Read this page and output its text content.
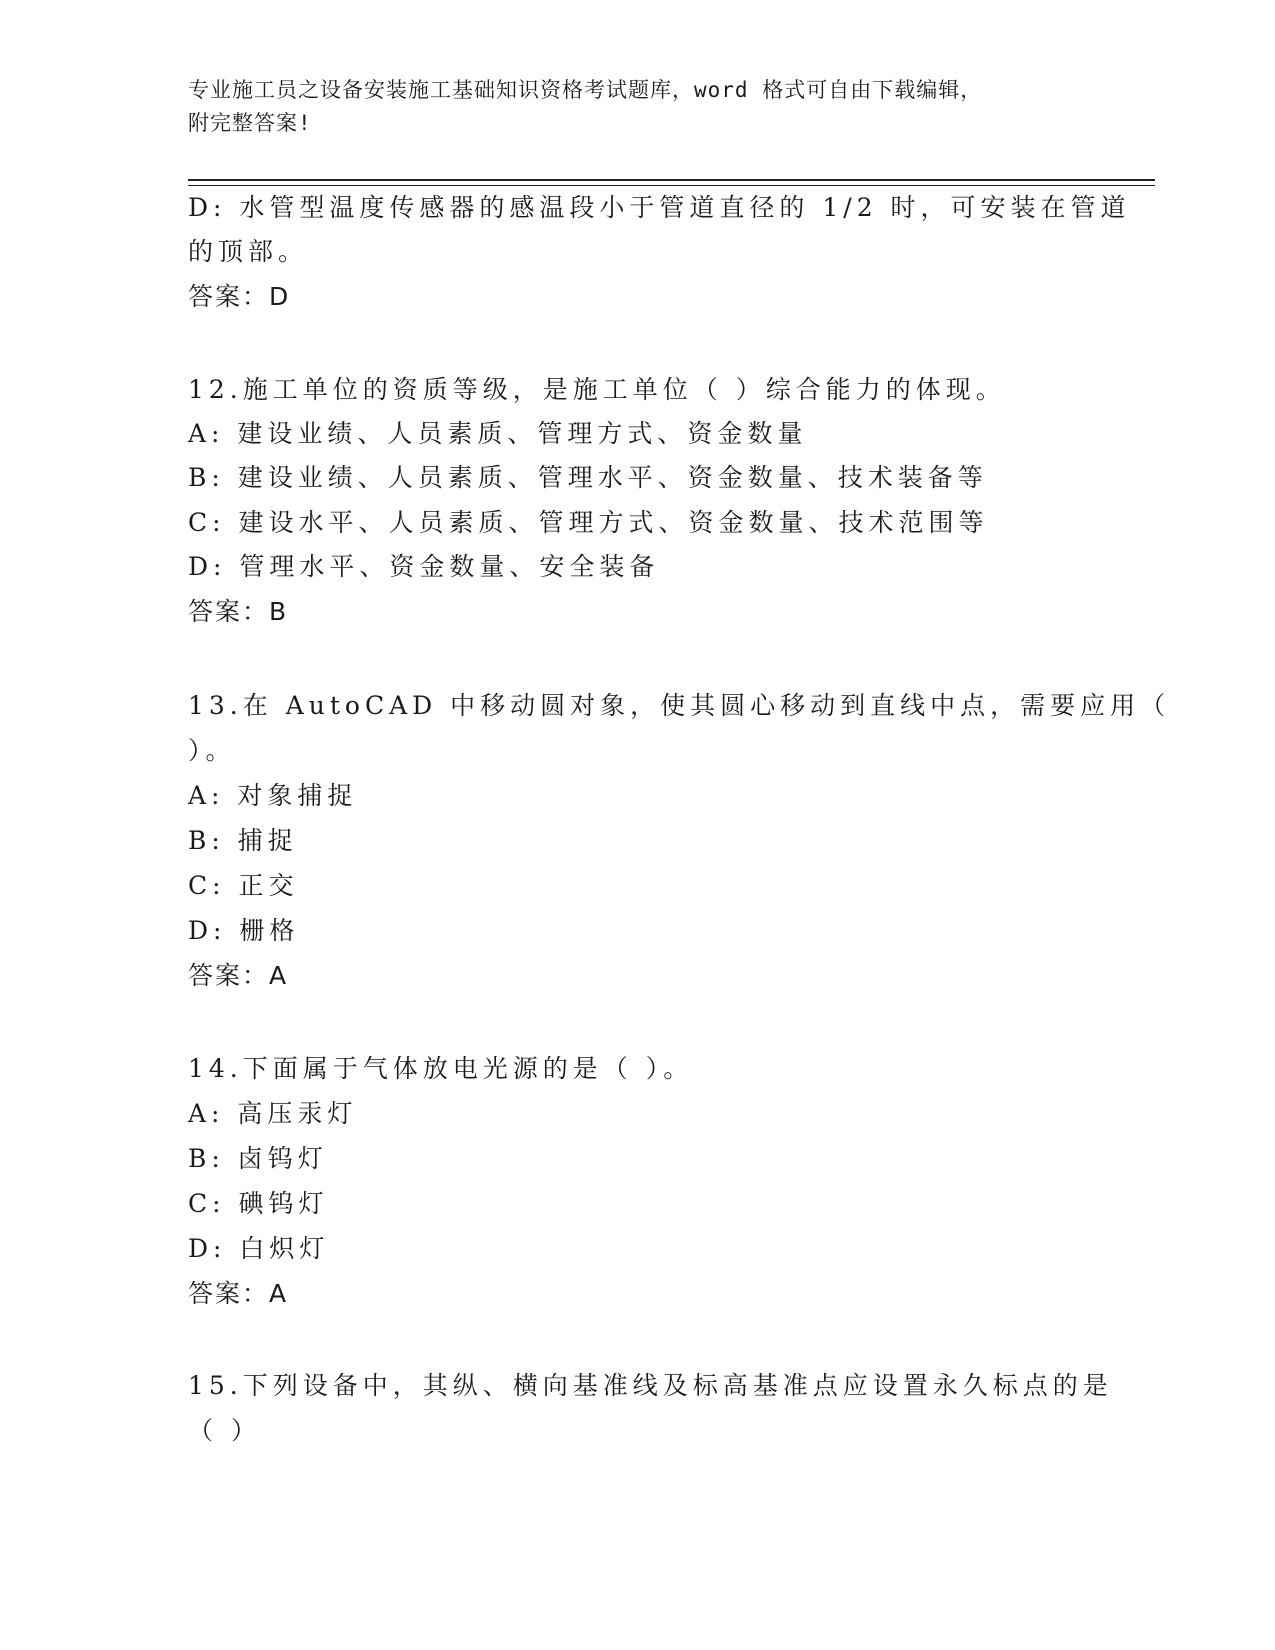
专业施工员之设备安装施工基础知识资格考试题库，word 格式可自由下载编辑，
附完整答案!
D: 水管型温度传感器的感温段小于管道直径的 1/2 时，可安装在管道
的顶部。
答案：D
12.施工单位的资质等级，是施工单位（ ）综合能力的体现。
A: 建设业绩、人员素质、管理方式、资金数量
B: 建设业绩、人员素质、管理水平、资金数量、技术装备等
C: 建设水平、人员素质、管理方式、资金数量、技术范围等
D: 管理水平、资金数量、安全装备
答案：B
13.在 AutoCAD 中移动圆对象，使其圆心移动到直线中点，需要应用（
）。
A: 对象捕捉
B: 捕捉
C: 正交
D: 栅格
答案：A
14.下面属于气体放电光源的是（ ）。
A: 高压汞灯
B: 卤钨灯
C: 碘钨灯
D: 白炽灯
答案：A
15.下列设备中，其纵、横向基准线及标高基准点应设置永久标点的是
（ ）
